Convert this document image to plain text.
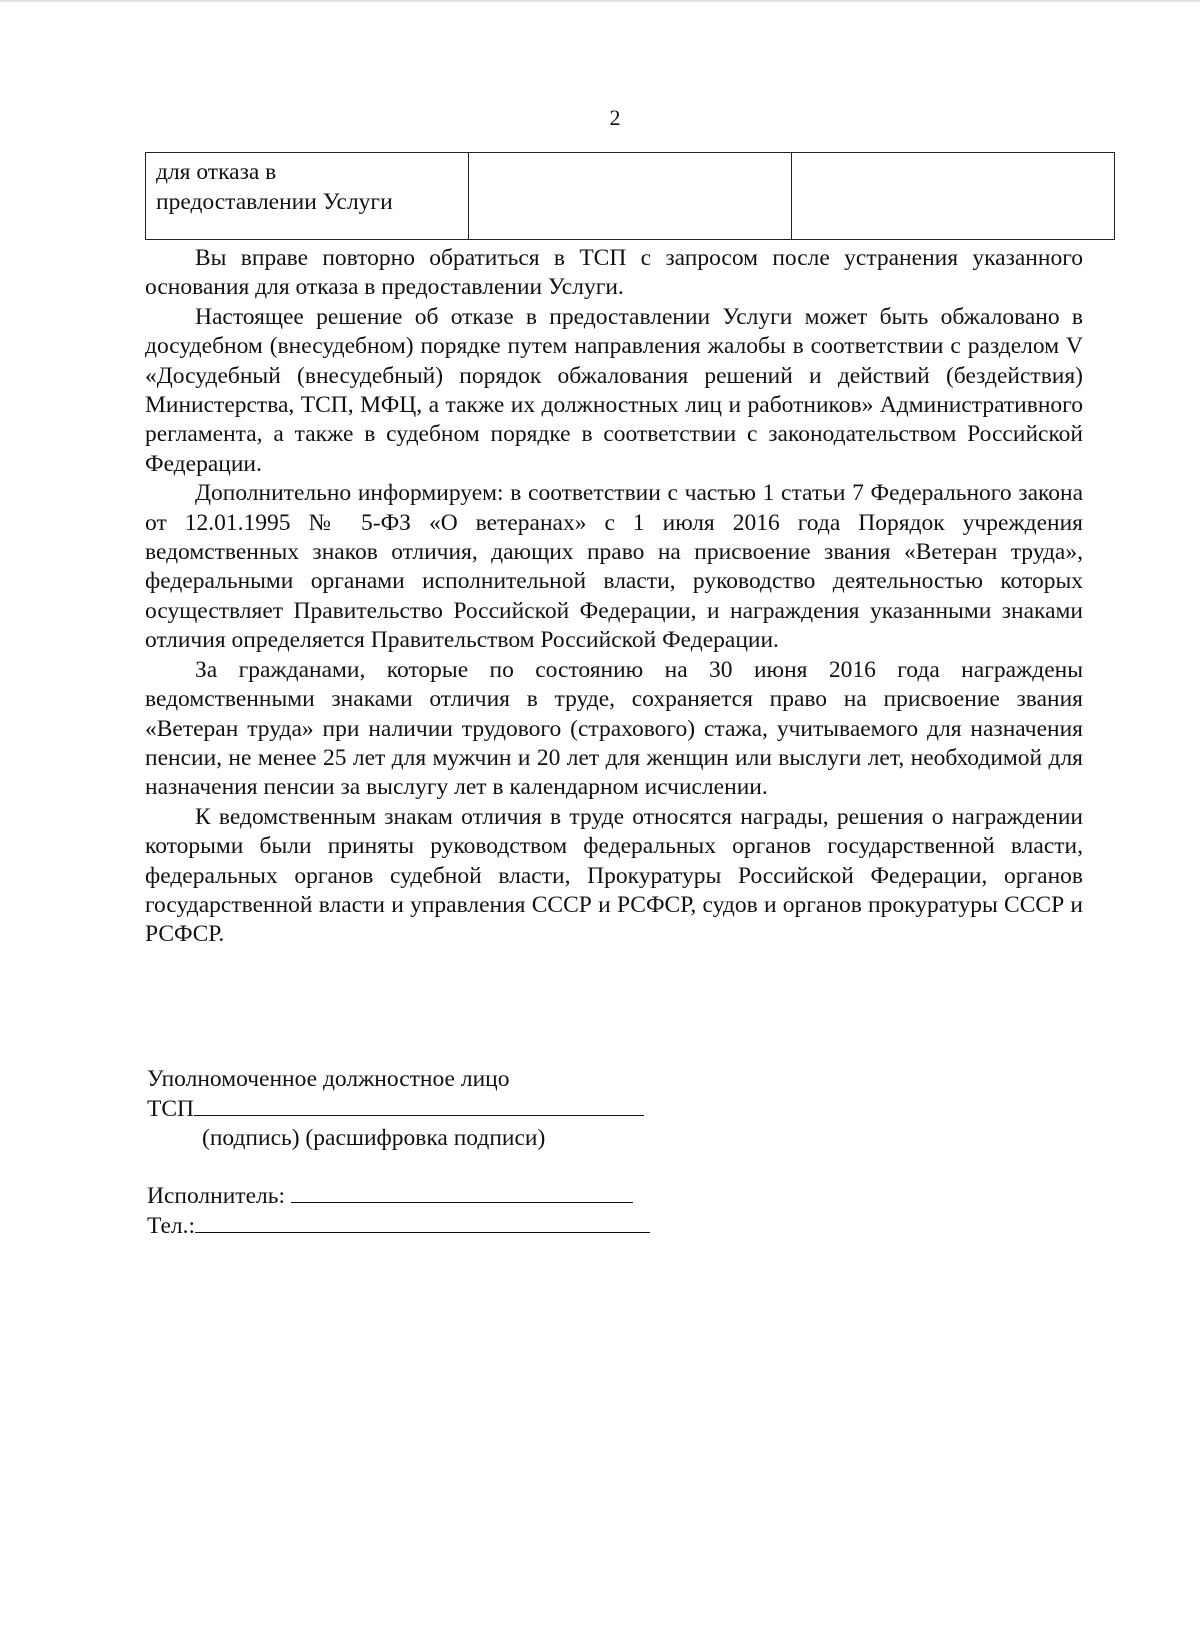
2
для отказа в
предоставлении Услуги		

Вы вправе повторно обратиться в ТСП с запросом после устранения указанного основания для отказа в предоставлении Услуги.

Настоящее решение об отказе в предоставлении Услуги может быть обжаловано в досудебном (внесудебном) порядке путем направления жалобы в соответствии с разделом V «Досудебный (внесудебный) порядок обжалования решений и действий (бездействия) Министерства, ТСП, МФЦ, а также их должностных лиц и работников» Административного регламента, а также в судебном порядке в соответствии с законодательством Российской Федерации.

Дополнительно информируем: в соответствии с частью 1 статьи 7 Федерального закона от 12.01.1995 № 5-ФЗ «О ветеранах» с 1 июля 2016 года Порядок учреждения ведомственных знаков отличия, дающих право на присвоение звания «Ветеран труда», федеральными органами исполнительной власти, руководство деятельностью которых осуществляет Правительство Российской Федерации, и награждения указанными знаками отличия определяется Правительством Российской Федерации.

За гражданами, которые по состоянию на 30 июня 2016 года награждены ведомственными знаками отличия в труде, сохраняется право на присвоение звания «Ветеран труда» при наличии трудового (страхового) стажа, учитываемого для назначения пенсии, не менее 25 лет для мужчин и 20 лет для женщин или выслуги лет, необходимой для назначения пенсии за выслугу лет в календарном исчислении.

К ведомственным знакам отличия в труде относятся награды, решения о награждении которыми были приняты руководством федеральных органов государственной власти, федеральных органов судебной власти, Прокуратуры Российской Федерации, органов государственной власти и управления СССР и РСФСР, судов и органов прокуратуры СССР и РСФСР.

Уполномоченное должностное лицо

ТСП

(подпись) (расшифровка подписи)

Исполнитель:

Тел.:
